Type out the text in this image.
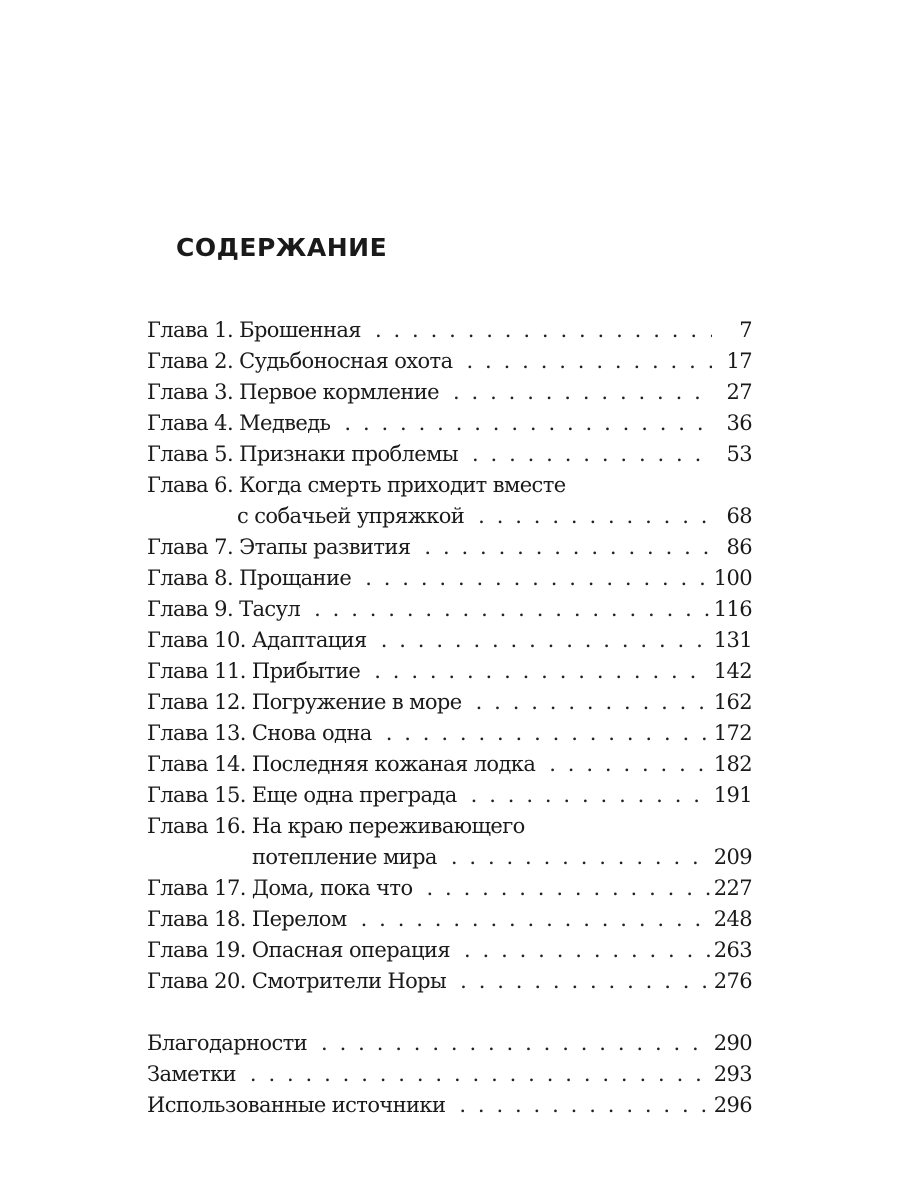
СОДЕРЖАНИЕ
Глава 1. Брошенная . . .	7
Глава 2. Судьбоносная охота . . .	17
Глава 3. Первое кормление . . .	27
Глава 4. Медведь . . .	36
Глава 5. Признаки проблемы . . .	53
Глава 6. Когда смерть приходит вместе
с собачьей упряжкой . . .	68
Глава 7. Этапы развития . . .	86
Глава 8. Прощание . . .	100
Глава 9. Тасул . . .	116
Глава 10. Адаптация . . .	131
Глава 11. Прибытие . . .	142
Глава 12. Погружение в море . . .	162
Глава 13. Снова одна . . .	172
Глава 14. Последняя кожаная лодка . . .	182
Глава 15. Еще одна преграда . . .	191
Глава 16. На краю переживающего
потепление мира . . .	209
Глава 17. Дома, пока что . . .	227
Глава 18. Перелом . . .	248
Глава 19. Опасная операция . . .	263
Глава 20. Смотрители Норы . . .	276
Благодарности . . .	290
Заметки . . .	293
Использованные источники . . .	296
